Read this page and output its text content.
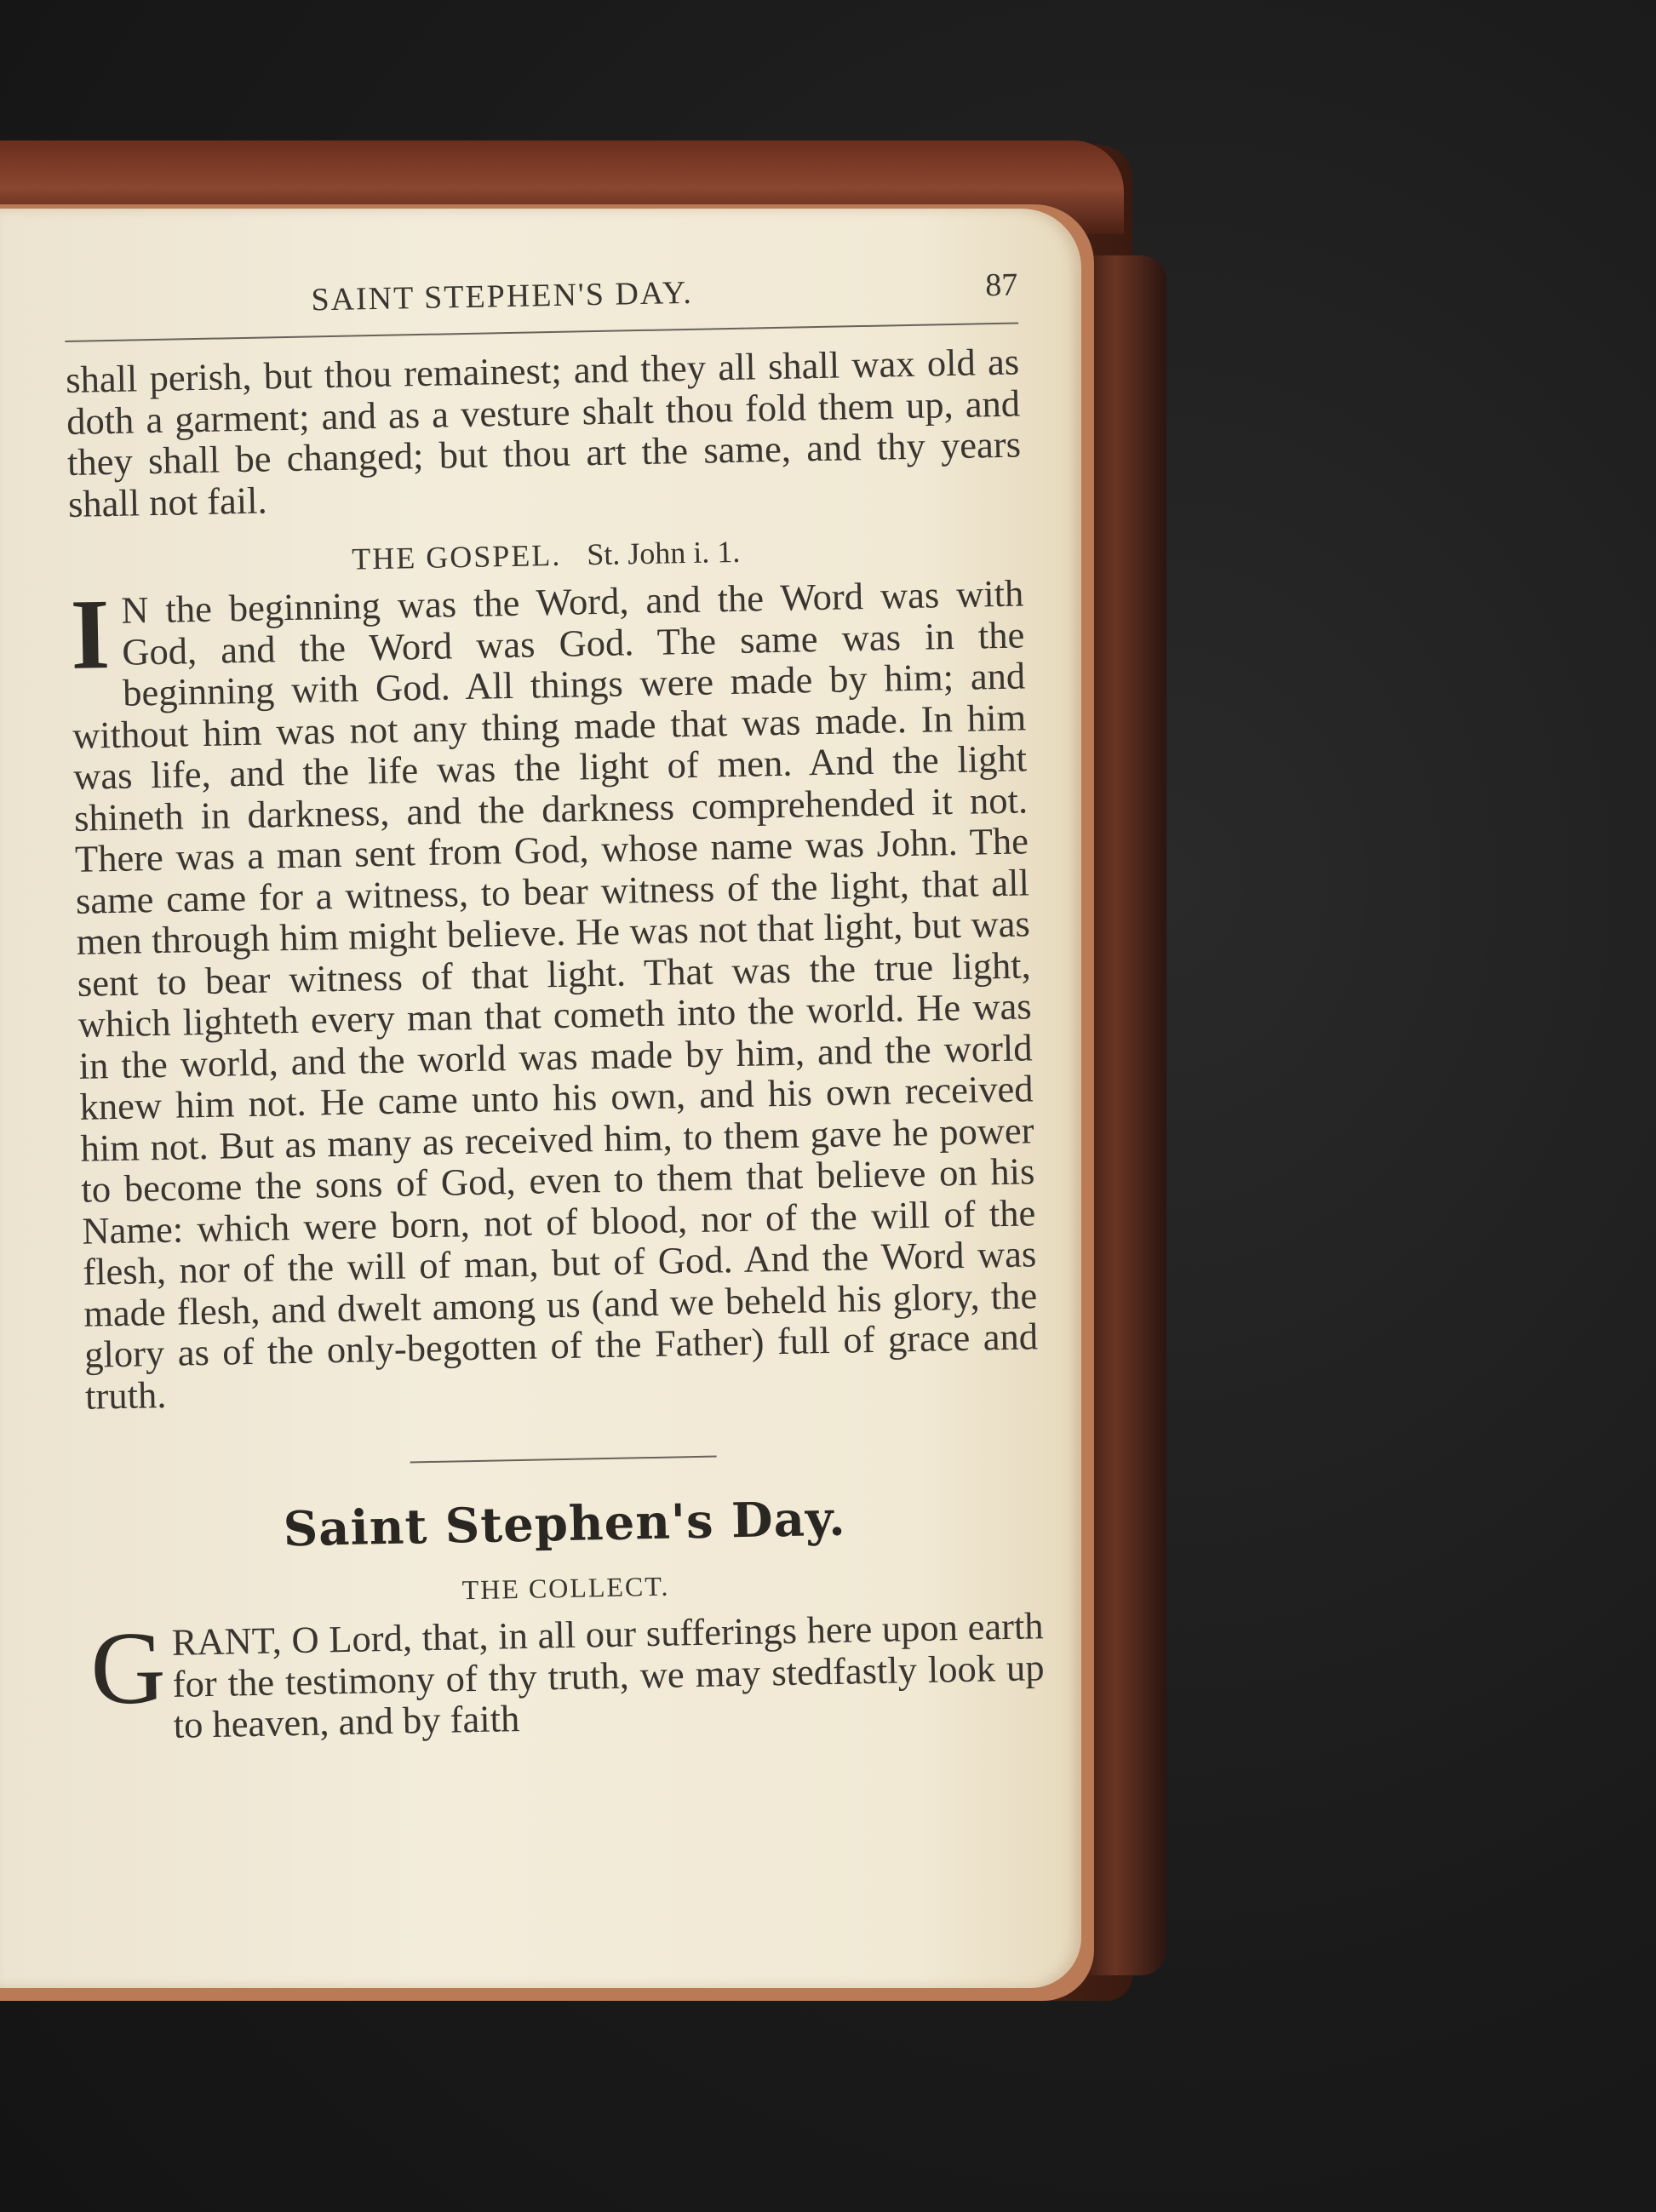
SAINT STEPHEN'S DAY.	87

shall perish, but thou remainest; and they all shall wax old as doth a garment; and as a vesture shalt thou fold them up, and they shall be changed; but thou art the same, and thy years shall not fail.

THE GOSPEL. St. John i. 1.

I N the beginning was the Word, and the Word was with God, and the Word was God. The same was in the beginning with God. All things were made by him; and without him was not any thing made that was made. In him was life, and the life was the light of men. And the light shineth in darkness, and the darkness comprehended it not. There was a man sent from God, whose name was John. The same came for a witness, to bear witness of the light, that all men through him might believe. He was not that light, but was sent to bear witness of that light. That was the true light, which lighteth every man that cometh into the world. He was in the world, and the world was made by him, and the world knew him not. He came unto his own, and his own received him not. But as many as received him, to them gave he power to become the sons of God, even to them that believe on his Name: which were born, not of blood, nor of the will of the flesh, nor of the will of man, but of God. And the Word was made flesh, and dwelt among us (and we beheld his glory, the glory as of the only-begotten of the Father) full of grace and truth.

Saint Stephen's Day.
THE COLLECT.

GRANT, O Lord, that, in all our sufferings here upon earth for the testimony of thy truth, we may stedfastly look up to heaven, and by faith
